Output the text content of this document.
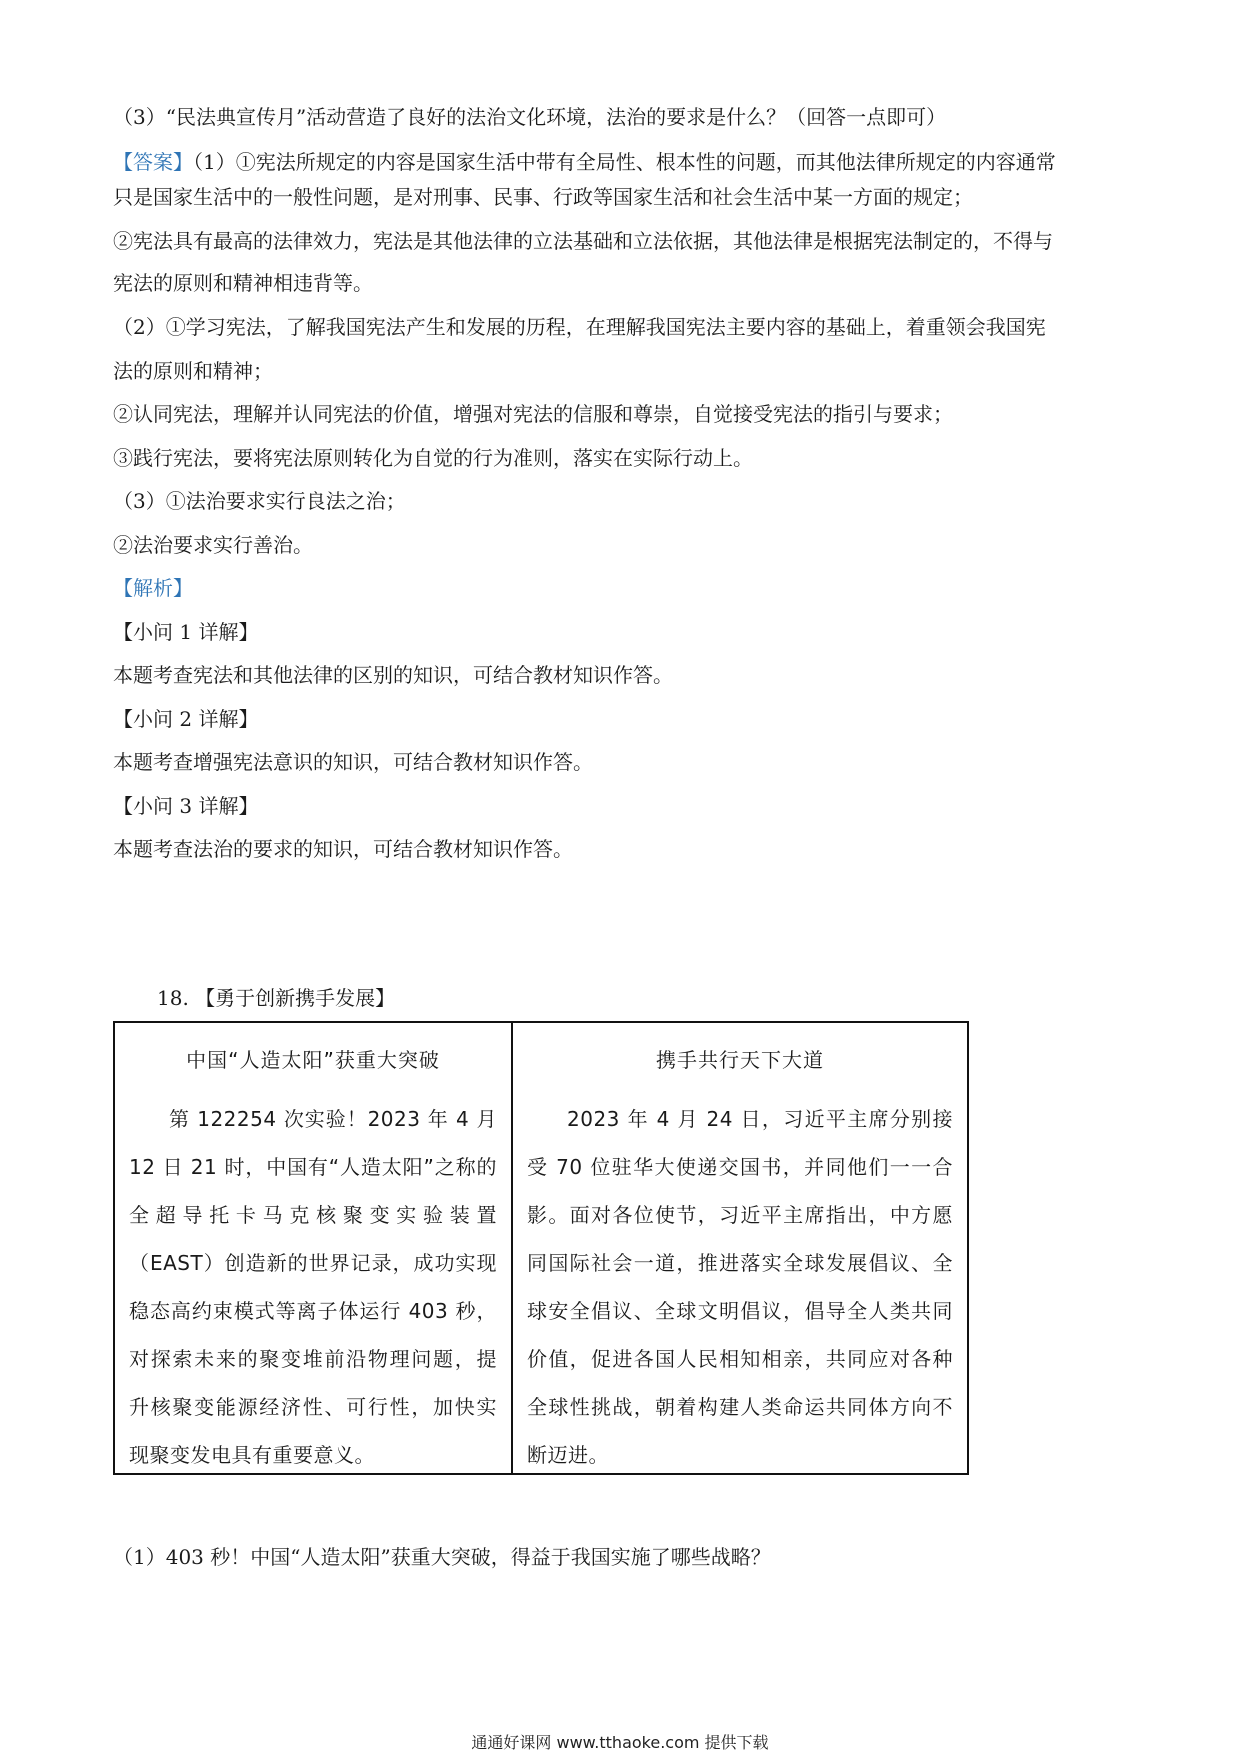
（3）“民法典宣传月”活动营造了良好的法治文化环境，法治的要求是什么？（回答一点即可）
【答案】（1）①宪法所规定的内容是国家生活中带有全局性、根本性的问题，而其他法律所规定的内容通常
只是国家生活中的一般性问题，是对刑事、民事、行政等国家生活和社会生活中某一方面的规定；
②宪法具有最高的法律效力，宪法是其他法律的立法基础和立法依据，其他法律是根据宪法制定的，不得与
宪法的原则和精神相违背等。
（2）①学习宪法，了解我国宪法产生和发展的历程，在理解我国宪法主要内容的基础上，着重领会我国宪
法的原则和精神；
②认同宪法，理解并认同宪法的价值，增强对宪法的信服和尊崇，自觉接受宪法的指引与要求；
③践行宪法，要将宪法原则转化为自觉的行为准则，落实在实际行动上。
（3）①法治要求实行良法之治；
②法治要求实行善治。
【解析】
【小问 1 详解】
本题考查宪法和其他法律的区别的知识，可结合教材知识作答。
【小问 2 详解】
本题考查增强宪法意识的知识，可结合教材知识作答。
【小问 3 详解】
本题考查法治的要求的知识，可结合教材知识作答。
18. 【勇于创新携手发展】
中国“人造太阳”获重大突破
第 122254 次实验！2023 年 4 月 12 日 21 时，中国有“人造太阳”之称的全超导托卡马克核聚变实验装置（EAST）创造新的世界记录，成功实现稳态高约束模式等离子体运行 403 秒，对探索未来的聚变堆前沿物理问题，提升核聚变能源经济性、可行性，加快实现聚变发电具有重要意义。
携手共行天下大道
2023 年 4 月 24 日，习近平主席分别接受 70 位驻华大使递交国书，并同他们一一合影。面对各位使节，习近平主席指出，中方愿同国际社会一道，推进落实全球发展倡议、全球安全倡议、全球文明倡议，倡导全人类共同价值，促进各国人民相知相亲，共同应对各种全球性挑战，朝着构建人类命运共同体方向不断迈进。
（1）403 秒！中国“人造太阳”获重大突破，得益于我国实施了哪些战略？
通通好课网 www.tthaoke.com 提供下载
